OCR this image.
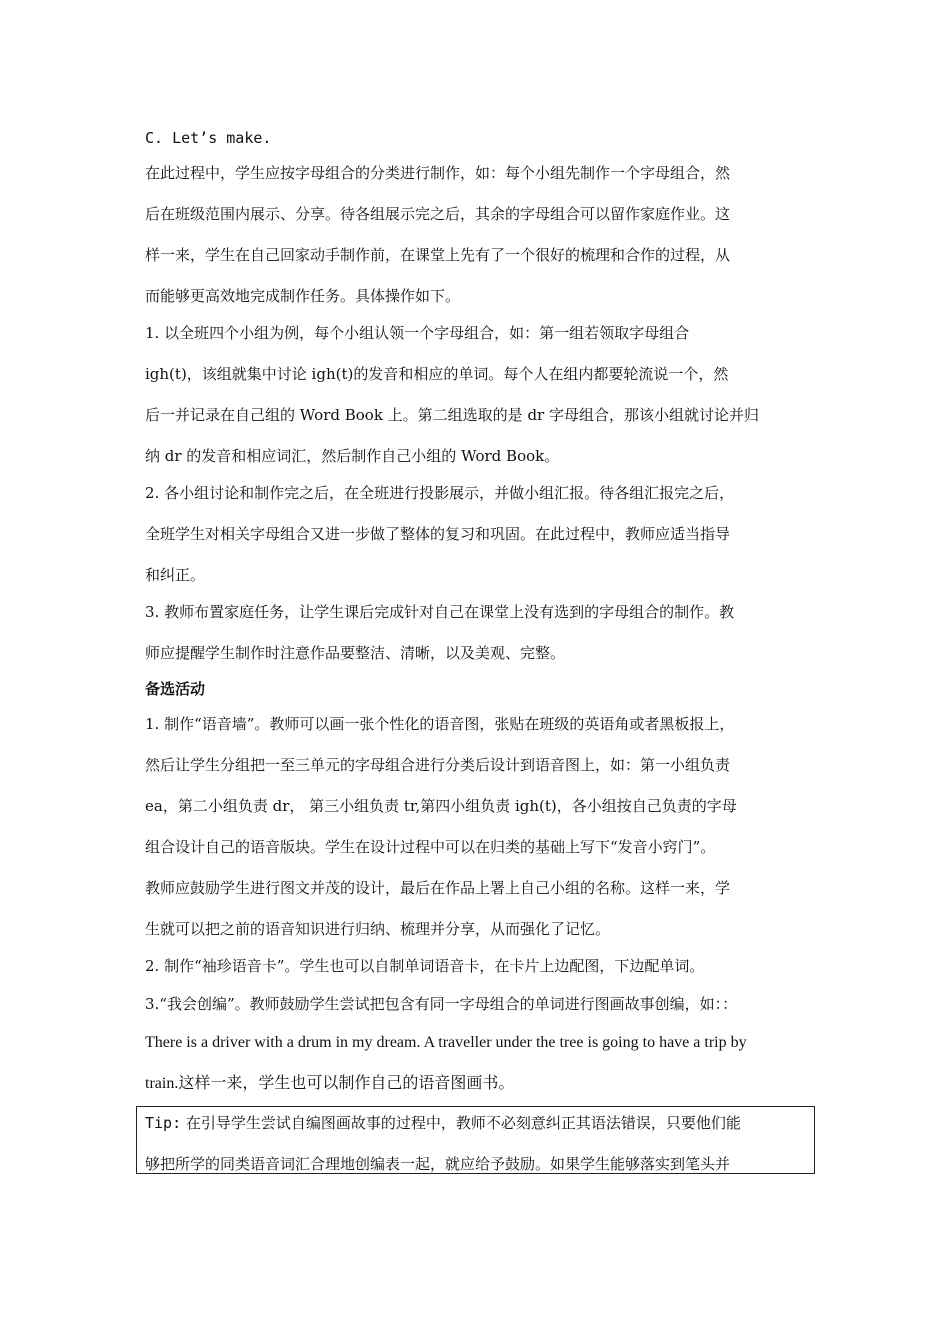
C. Let’s make.
在此过程中，学生应按字母组合的分类进行制作，如：每个小组先制作一个字母组合，然
后在班级范围内展示、分享。待各组展示完之后，其余的字母组合可以留作家庭作业。这
样一来，学生在自己回家动手制作前，在课堂上先有了一个很好的梳理和合作的过程，从
而能够更高效地完成制作任务。具体操作如下。
1. 以全班四个小组为例，每个小组认领一个字母组合，如：第一组若领取字母组合
igh(t)，该组就集中讨论 igh(t)的发音和相应的单词。每个人在组内都要轮流说一个，然
后一并记录在自己组的 Word Book 上。第二组选取的是 dr 字母组合，那该小组就讨论并归
纳 dr 的发音和相应词汇，然后制作自己小组的 Word Book。
2. 各小组讨论和制作完之后，在全班进行投影展示，并做小组汇报。待各组汇报完之后，
全班学生对相关字母组合又进一步做了整体的复习和巩固。在此过程中，教师应适当指导
和纠正。
3. 教师布置家庭任务，让学生课后完成针对自己在课堂上没有选到的字母组合的制作。教
师应提醒学生制作时注意作品要整洁、清晰，以及美观、完整。
备选活动
1. 制作“语音墙”。教师可以画一张个性化的语音图，张贴在班级的英语角或者黑板报上，
然后让学生分组把一至三单元的字母组合进行分类后设计到语音图上，如：第一小组负责
ea，第二小组负责 dr， 第三小组负责 tr,第四小组负责 igh(t)，各小组按自己负责的字母
组合设计自己的语音版块。学生在设计过程中可以在归类的基础上写下“发音小窍门”。
教师应鼓励学生进行图文并茂的设计，最后在作品上署上自己小组的名称。这样一来，学
生就可以把之前的语音知识进行归纳、梳理并分享，从而强化了记忆。
2. 制作“袖珍语音卡”。学生也可以自制单词语音卡，在卡片上边配图，下边配单词。
3.“我会创编”。教师鼓励学生尝试把包含有同一字母组合的单词进行图画故事创编，如：：
There is a driver with a drum in my dream. A traveller under the tree is going to have a trip by
train.这样一来，学生也可以制作自己的语音图画书。
Tip: 在引导学生尝试自编图画故事的过程中，教师不必刻意纠正其语法错误，只要他们能
够把所学的同类语音词汇合理地创编表一起，就应给予鼓励。如果学生能够落实到笔头并
